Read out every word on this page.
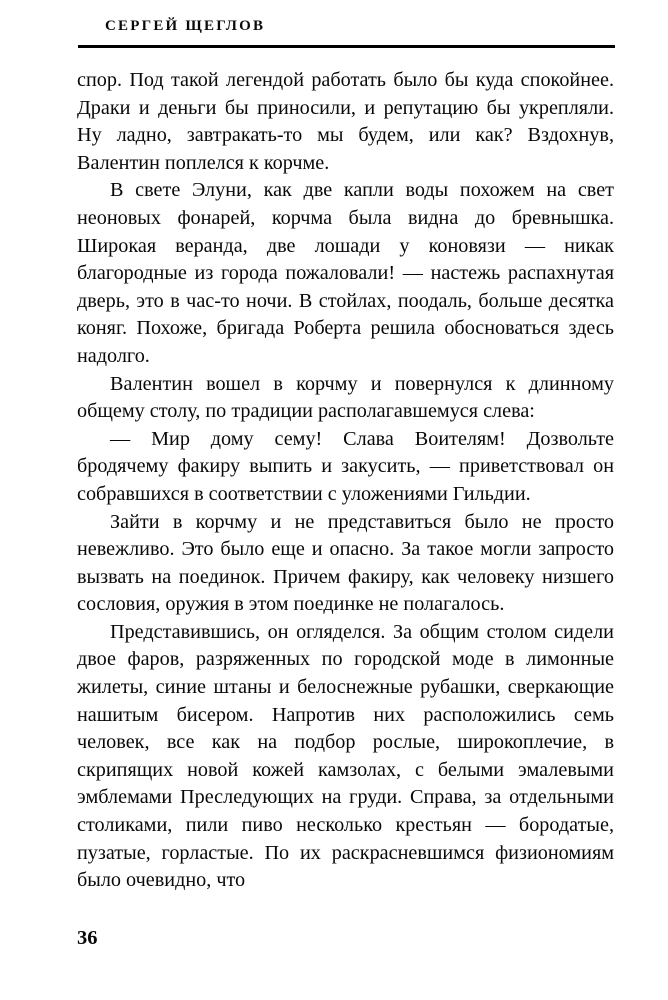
СЕРГЕЙ ЩЕГЛОВ

спор. Под такой легендой работать было бы куда спокойнее. Драки и деньги бы приносили, и репутацию бы укрепляли. Ну ладно, завтракать-то мы будем, или как? Вздохнув, Валентин поплелся к корчме.

В свете Элуни, как две капли воды похожем на свет неоновых фонарей, корчма была видна до бревнышка. Широкая веранда, две лошади у коновязи — никак благородные из города пожаловали! — настежь распахнутая дверь, это в час-то ночи. В стойлах, поодаль, больше десятка коняг. Похоже, бригада Роберта решила обосноваться здесь надолго.

Валентин вошел в корчму и повернулся к длинному общему столу, по традиции располагавшемуся слева:

— Мир дому сему! Слава Воителям! Дозвольте бродячему факиру выпить и закусить, — приветствовал он собравшихся в соответствии с уложениями Гильдии.

Зайти в корчму и не представиться было не просто невежливо. Это было еще и опасно. За такое могли запросто вызвать на поединок. Причем факиру, как человеку низшего сословия, оружия в этом поединке не полагалось.

Представившись, он огляделся. За общим столом сидели двое фаров, разряженных по городской моде в лимонные жилеты, синие штаны и белоснежные рубашки, сверкающие нашитым бисером. Напротив них расположились семь человек, все как на подбор рослые, широкоплечие, в скрипящих новой кожей камзолах, с белыми эмалевыми эмблемами Преследующих на груди. Справа, за отдельными столиками, пили пиво несколько крестьян — бородатые, пузатые, горластые. По их раскрасневшимся физиономиям было очевидно, что

36
